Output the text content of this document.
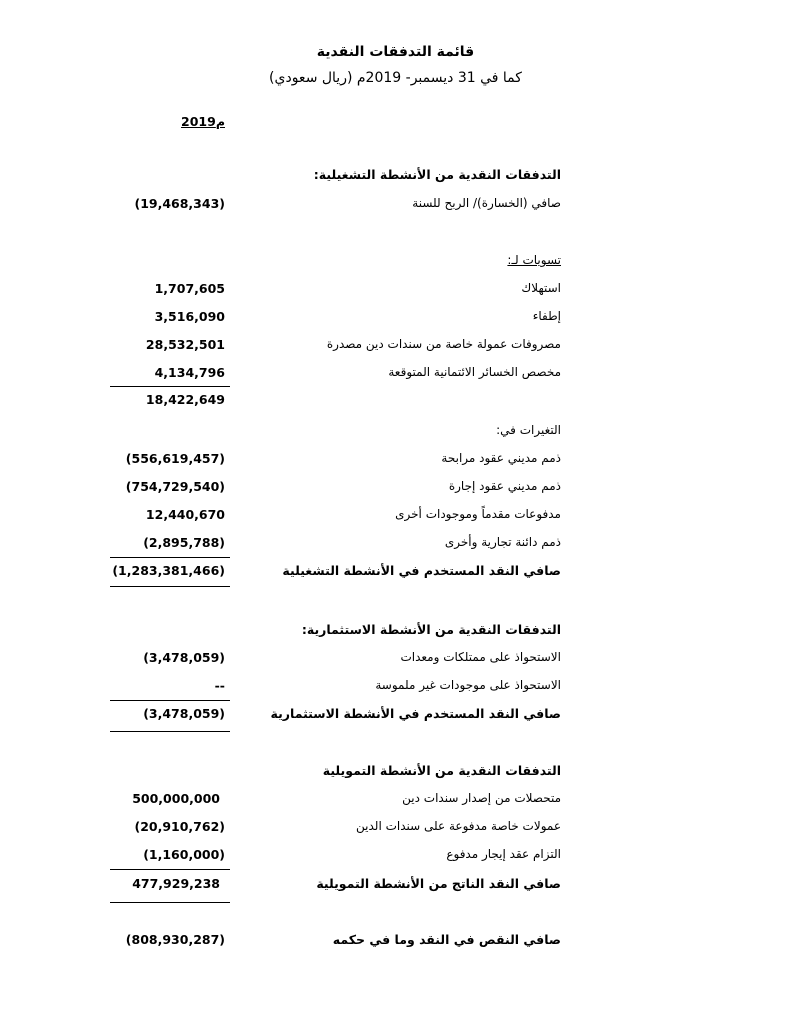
قائمة التدفقات النقدية
كما في 31 ديسمبر- 2019م (ريال سعودي)
2019م
التدفقات النقدية من الأنشطة التشغيلية:
صافي (الخسارة)/ الربح للسنة
(19,468,343)
تسويات لـ:
استهلاك
1,707,605
إطفاء
3,516,090
مصروفات عمولة خاصة من سندات دين مصدرة
28,532,501
مخصص الخسائر الائتمانية المتوقعة
4,134,796
18,422,649
التغيرات في:
ذمم مديني عقود مرابحة
(556,619,457)
ذمم مديني عقود إجارة
(754,729,540)
مدفوعات مقدماً وموجودات أخرى
12,440,670
ذمم دائنة تجارية وأخرى
(2,895,788)
صافي النقد المستخدم في الأنشطة التشغيلية
(1,283,381,466)
التدفقات النقدية من الأنشطة الاستثمارية:
الاستحواذ على ممتلكات ومعدات
(3,478,059)
الاستحواذ على موجودات غير ملموسة
--
صافي النقد المستخدم في الأنشطة الاستثمارية
(3,478,059)
التدفقات النقدية من الأنشطة التمويلية
متحصلات من إصدار سندات دين
500,000,000
عمولات خاصة مدفوعة على سندات الدين
(20,910,762)
التزام عقد إيجار مدفوع
(1,160,000)
صافي النقد الناتج من الأنشطة التمويلية
477,929,238
صافي النقص في النقد وما في حكمه
(808,930,287)
